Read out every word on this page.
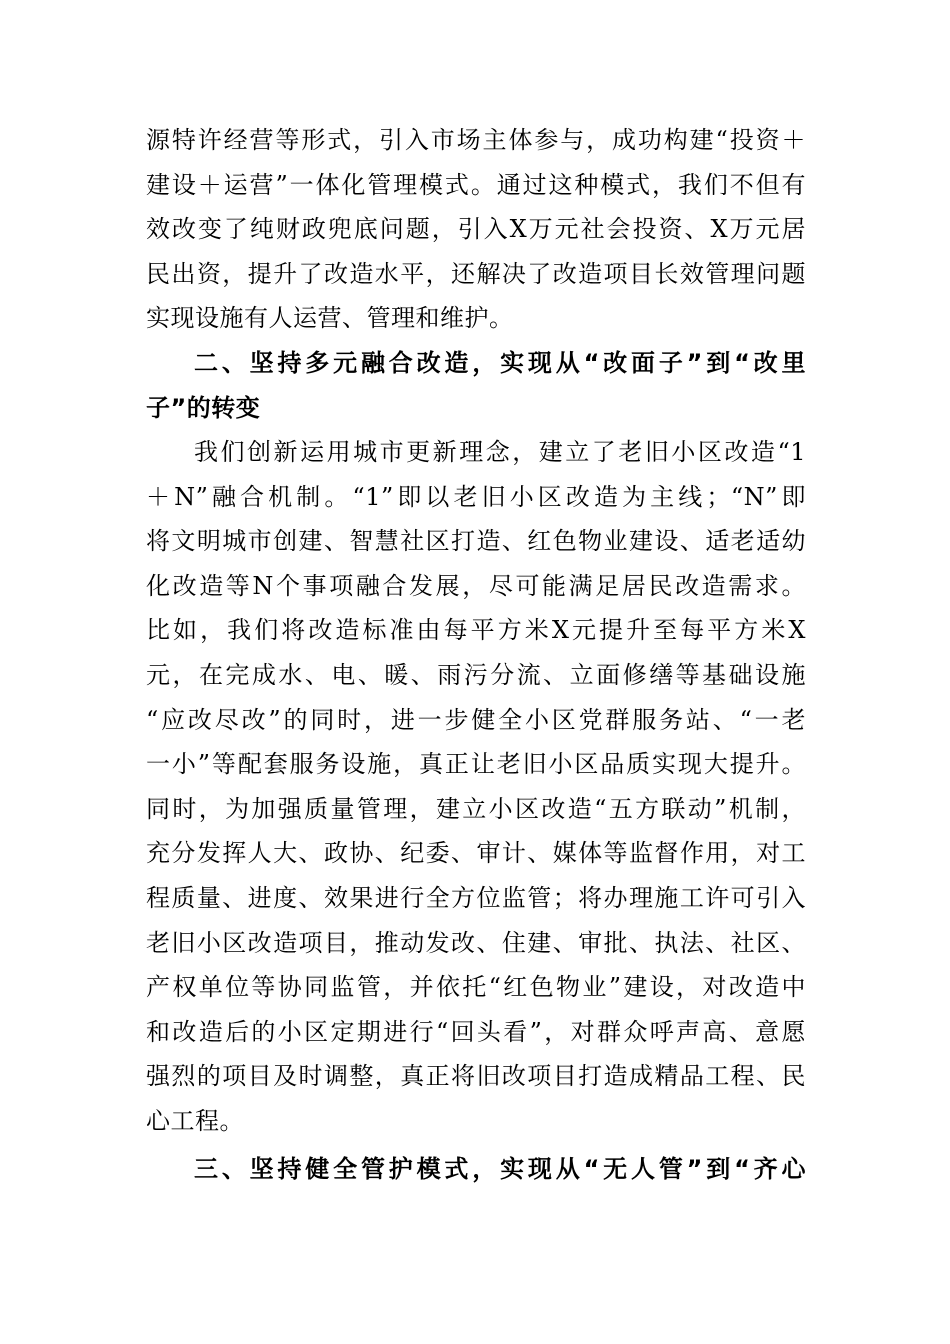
源特许经营等形式，引入市场主体参与，成功构建“投资＋
建设＋运营”一体化管理模式。通过这种模式，我们不但有
效改变了纯财政兜底问题，引入X万元社会投资、X万元居
民出资，提升了改造水平，还解决了改造项目长效管理问题
实现设施有人运营、管理和维护。
二、坚持多元融合改造，实现从“改面子”到“改里
子”的转变
我们创新运用城市更新理念，建立了老旧小区改造“1
＋N”融合机制。“1”即以老旧小区改造为主线；“N”即
将文明城市创建、智慧社区打造、红色物业建设、适老适幼
化改造等N个事项融合发展，尽可能满足居民改造需求。
比如，我们将改造标准由每平方米X元提升至每平方米X
元，在完成水、电、暖、雨污分流、立面修缮等基础设施
“应改尽改”的同时，进一步健全小区党群服务站、“一老
一小”等配套服务设施，真正让老旧小区品质实现大提升。
同时，为加强质量管理，建立小区改造“五方联动”机制，
充分发挥人大、政协、纪委、审计、媒体等监督作用，对工
程质量、进度、效果进行全方位监管；将办理施工许可引入
老旧小区改造项目，推动发改、住建、审批、执法、社区、
产权单位等协同监管，并依托“红色物业”建设，对改造中
和改造后的小区定期进行“回头看”，对群众呼声高、意愿
强烈的项目及时调整，真正将旧改项目打造成精品工程、民
心工程。
三、坚持健全管护模式，实现从“无人管”到“齐心
